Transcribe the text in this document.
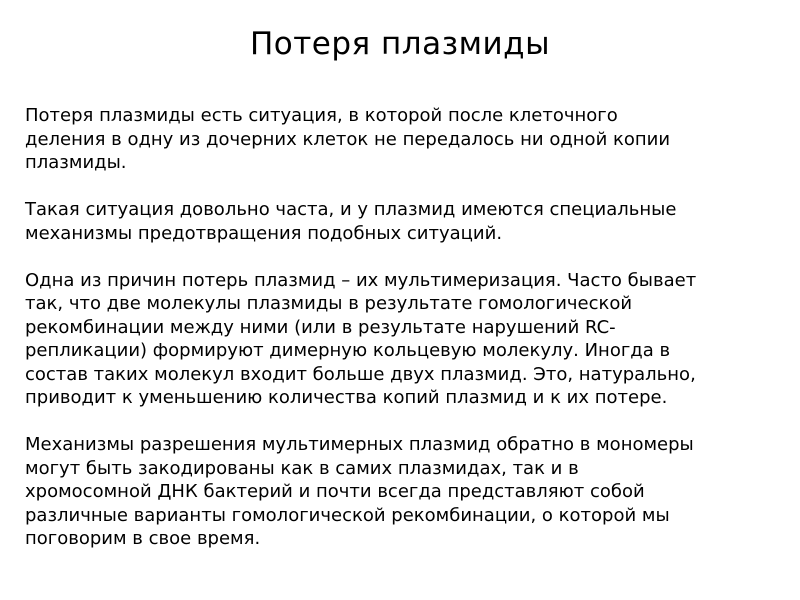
Потеря плазмиды

Потеря плазмиды есть ситуация, в которой после клеточного
деления в одну из дочерних клеток не передалось ни одной копии
плазмиды.

Такая ситуация довольно часта, и у плазмид имеются специальные
механизмы предотвращения подобных ситуаций.

Одна из причин потерь плазмид – их мультимеризация. Часто бывает
так, что две молекулы плазмиды в результате гомологической
рекомбинации между ними (или в результате нарушений RC-
репликации) формируют димерную кольцевую молекулу. Иногда в
состав таких молекул входит больше двух плазмид. Это, натурально,
приводит к уменьшению количества копий плазмид и к их потере.

Механизмы разрешения мультимерных плазмид обратно в мономеры
могут быть закодированы как в самих плазмидах, так и в
хромосомной ДНК бактерий и почти всегда представляют собой
различные варианты гомологической рекомбинации, о которой мы
поговорим в свое время.
